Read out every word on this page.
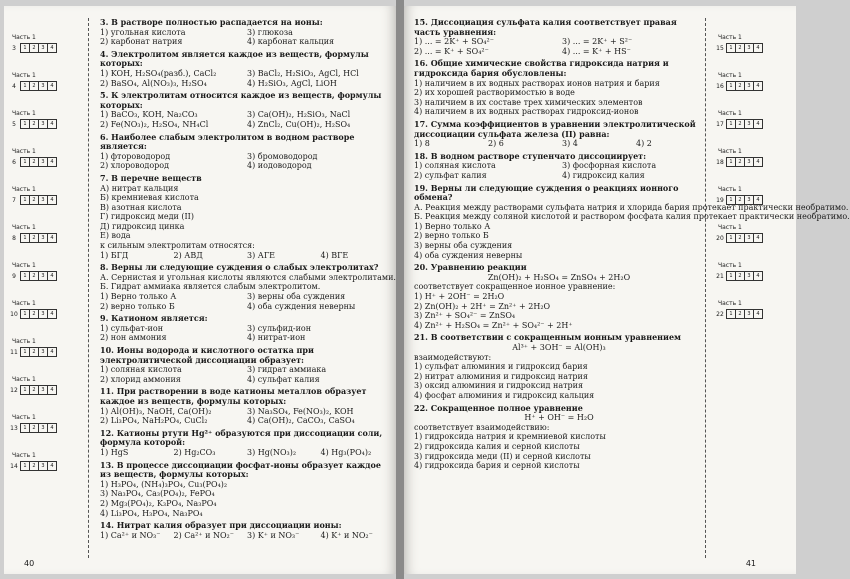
Часть 1
3	1	2	3	4
Часть 1
4	1	2	3	4
Часть 1
5	1	2	3	4
Часть 1
6	1	2	3	4
Часть 1
7	1	2	3	4
Часть 1
8	1	2	3	4
Часть 1
9	1	2	3	4
Часть 1
10	1	2	3	4
Часть 1
11	1	2	3	4
Часть 1
12	1	2	3	4
Часть 1
13	1	2	3	4
Часть 1
14	1	2	3	4
3. В растворе полностью распадается на ионы:
1) угольная кислота	3) глюкоза
2) карбонат натрия	4) карбонат кальция
4. Электролитом является каждое из веществ, формулы которых:
1) KOH, H₂SO₄(разб.), CaCl₂	3) BaCl₂, H₂SiO₃, AgCl, HCl
2) BaSO₄, Al(NO₃)₃, H₂SO₄	4) H₂SiO₃, AgCl, LiOH
5. К электролитам относится каждое из веществ, формулы которых:
1) BaCO₃, KOH, Na₂CO₃	3) Ca(OH)₂, H₂SiO₃, NaCl
2) Fe(NO₃)₂, H₂SO₄, NH₄Cl	4) ZnCl₂, Cu(OH)₂, H₂SO₄
6. Наиболее слабым электролитом в водном растворе является:
1) фтороводород	3) бромоводород
2) хлороводород	4) иодоводород
7. В перечне веществ
А) нитрат кальция
Б) кремниевая кислота
В) азотная кислота
Г) гидроксид меди (II)
Д) гидроксид цинка
Е) вода
к сильным электролитам относятся:
1) БГД	2) АВД	3) АГЕ	4) ВГЕ
8. Верны ли следующие суждения о слабых электролитах?
А. Сернистая и угольная кислоты являются слабыми электролитами.
Б. Гидрат аммиака является слабым электролитом.
1) Верно только А	3) верны оба суждения
2) верно только Б	4) оба суждения неверны
9. Катионом является:
1) сульфат-ион	3) сульфид-ион
2) нон аммония	4) нитрат-ион
10. Ионы водорода и кислотного остатка при электролитической диссоциации образует:
1) соляная кислота	3) гидрат аммиака
2) хлорид аммония	4) сульфат калия
11. При растворении в воде катионы металлов образует каждое из веществ, формулы которых:
1) Al(OH)₃, NaOH, Ca(OH)₂	3) Na₃SO₄, Fe(NO₃)₂, KOH
2) Li₃PO₄, NaH₂PO₄, CuCl₂	4) Ca(OH)₂, CaCO₃, CaSO₄
12. Катионы ртути Hg²⁺ образуются при диссоциации соли, формула которой:
1) HgS	2) Hg₂CO₃	3) Hg(NO₃)₂	4) Hg₃(PO₄)₂
13. В процессе диссоциации фосфат-ионы образует каждое из веществ, формулы которых:
1) H₃PO₄, (NH₄)₃PO₄, Cu₃(PO₄)₂
3) Na₃PO₄, Ca₃(PO₄)₂, FePO₄
2) Mg₃(PO₄)₂, K₃PO₄, Na₃PO₄
4) Li₃PO₄, H₃PO₄, Na₃PO₄
14. Нитрат калия образует при диссоциации ионы:
1) Ca²⁺ и NO₃⁻	2) Ca²⁺ и NO₂⁻	3) K⁺ и NO₃⁻	4) K⁺ и NO₂⁻
40
Часть 1
15	1	2	3	4
Часть 1
16	1	2	3	4
Часть 1
17	1	2	3	4
Часть 1
18	1	2	3	4
Часть 1
19	1	2	3	4
Часть 1
20	1	2	3	4
Часть 1
21	1	2	3	4
Часть 1
22	1	2	3	4
15. Диссоциация сульфата калия соответствует правая часть уравнения:
1) ... = 2K⁺ + SO₄²⁻	3) ... = 2K⁺ + S²⁻
2) ... = K⁺ + SO₄²⁻	4) ... = K⁺ + HS⁻
16. Общие химические свойства гидроксида натрия и гидроксида бария обусловлены:
1) наличием в их водных растворах ионов натрия и бария
2) их хорошей растворимостью в воде
3) наличием в их составе трех химических элементов
4) наличием в их водных растворах гидроксид-ионов
17. Сумма коэффициентов в уравнении электролитической диссоциации сульфата железа (II) равна:
1) 8	2) 6	3) 4	4) 2
18. В водном растворе ступенчато диссоциирует:
1) соляная кислота	3) фосфорная кислота
2) сульфат калия	4) гидроксид калия
19. Верны ли следующие суждения о реакциях ионного обмена?
А. Реакция между растворами сульфата натрия и хлорида бария протекает практически необратимо.
Б. Реакция между соляной кислотой и раствором фосфата калия протекает практически необратимо.
1) Верно только А
2) верно только Б
3) верны оба суждения
4) оба суждения неверны
20. Уравнению реакции
Zn(OH)₂ + H₂SO₄ = ZnSO₄ + 2H₂O
соответствует сокращенное ионное уравнение:
1) H⁺ + 2OH⁻ = 2H₂O
2) Zn(OH)₂ + 2H⁺ = Zn²⁺ + 2H₂O
3) Zn²⁺ + SO₄²⁻ = ZnSO₄
4) Zn²⁺ + H₂SO₄ = Zn²⁺ + SO₄²⁻ + 2H⁺
21. В соответствии с сокращенным ионным уравнением
Al³⁺ + 3OH⁻ = Al(OH)₃
взаимодействуют:
1) сульфат алюминия и гидроксид бария
2) нитрат алюминия и гидроксид натрия
3) оксид алюминия и гидроксид натрия
4) фосфат алюминия и гидроксид кальция
22. Сокращенное полное уравнение
H⁺ + OH⁻ = H₂O
соответствует взаимодействию:
1) гидроксида натрия и кремниевой кислоты
2) гидроксида калия и серной кислоты
3) гидроксида меди (II) и серной кислоты
4) гидроксида бария и серной кислоты
41
